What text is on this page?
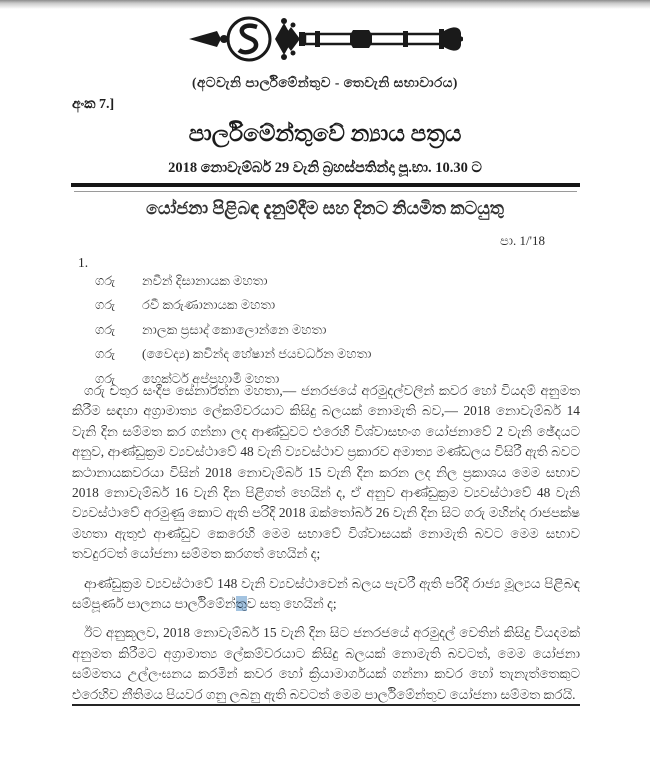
(අටවැනි පාර්ලිමේන්තුව - තෙවැනි සභාවාරය)
අංක 7.]
පාර්ලිමේන්තුවේ න්‍යාය පත්‍රය
2018 නොවැම්බර් 29 වැනි බ්‍රහස්පතින්දා පූ.භා. 10.30 ට
යෝජනා පිළිබඳ දැනුම්දීම සහ දිනට නියමිත කටයුතු
පා. 1/'18
1.
ගරු	නවීන් දිසානායක මහතා
ගරු	රවී කරුණානායක මහතා
ගරු	නාලක ප්‍රසාද් කොලොන්නෙ මහතා
ගරු	(වෛද්‍ය) කවින්ද හේෂාන් ජයවර්ධන මහතා
ගරු	හෙක්ටර් අප්පුහාමි මහතා

ගරු චතුර සංදීප සේනාරත්න මහතා,— ජනරජයේ අරමුදල්වලින් කවර හෝ වියදම් අනුමත කිරීම සඳහා අග්‍රාමාත්‍ය ලේකම්වරයාට කිසිදු බලයක් නොමැති බව,— 2018 නොවැම්බර් 14 වැනි දින සම්මත කර ගන්නා ලද ආණ්ඩුවට එරෙහි විශ්වාසභංග යෝජනාවේ 2 වැනි ඡේදයට අනුව, ආණ්ඩුක්‍රම ව්‍යවස්ථාවේ 48 වැනි ව්‍යවස්ථාව ප්‍රකාරව අමාත්‍ය මණ්ඩලය විසිරී ඇති බවට කථානායකවරයා විසින් 2018 නොවැම්බර් 15 වැනි දින කරන ලද නිල ප්‍රකාශය මෙම සභාව 2018 නොවැම්බර් 16 වැනි දින පිළිගත් හෙයින් ද, ඒ අනුව ආණ්ඩුක්‍රම ව්‍යවස්ථාවේ 48 වැනි ව්‍යවස්ථාවේ අරමුණු කොට ඇති පරිදි 2018 ඔක්තෝබර් 26 වැනි දින සිට ගරු මහින්ද රාජපක්ෂ මහතා ඇතුළු ආණ්ඩුව කෙරෙහි මෙම සභාවේ විශ්වාසයක් නොමැති බවට මෙම සභාව තවදුරටත් යෝජනා සම්මත කරගත් හෙයින් ද;

ආණ්ඩුක්‍රම ව්‍යවස්ථාවේ 148 වැනි ව්‍යවස්ථාවෙන් බලය පැවරී ඇති පරිදි රාජ්‍ය මූල්‍යය පිළිබඳ සම්පූර්ණ පාලනය පාර්ලිමේන්තුව සතු හෙයින් ද;

ඊට අනුකූලව, 2018 නොවැම්බර් 15 වැනි දින සිට ජනරජයේ අරමුදල් වෙතින් කිසිදු වියදමක් අනුමත කිරීමට අග්‍රාමාත්‍ය ලේකම්වරයාට කිසිදු බලයක් නොමැති බවටත්, මෙම යෝජනා සම්මතය උල්ලංඝනය කරමින් කවර හෝ ක්‍රියාමාර්ගයක් ගන්නා කවර හෝ තැනැත්තෙකුට එරෙහිව නීතිමය පියවර ගනු ලබනු ඇති බවටත් මෙම පාර්ලිමේන්තුව යෝජනා සම්මත කරයි.
